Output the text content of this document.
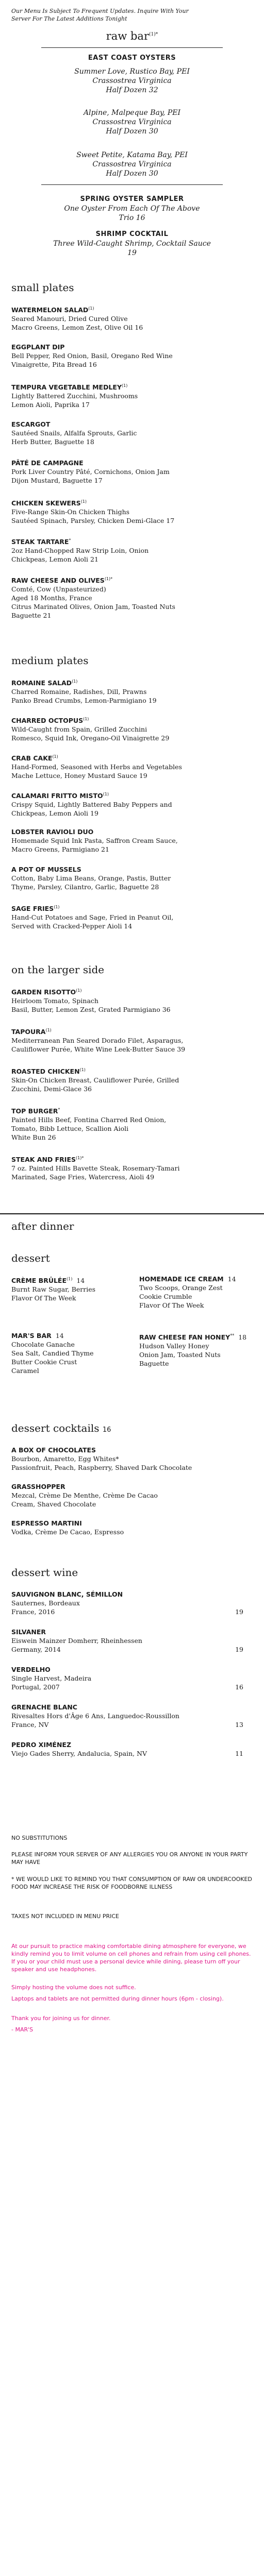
Our Menu Is Subject To Frequent Updates. Inquire With Your Server For The Latest Additions Tonight
raw bar$^{(1)*}$
EAST COAST OYSTERS
Summer Love, Rustico Bay, PEI
Crassostrea Virginica
Half Dozen 32
Alpine, Malpeque Bay, PEI
Crassostrea Virginica
Half Dozen 30
Sweet Petite, Katama Bay, PEI
Crassostrea Virginica
Half Dozen 30
SPRING OYSTER SAMPLER
One Oyster From Each Of The Above
Trio 16
SHRIMP COCKTAIL
Three Wild-Caught Shrimp, Cocktail Sauce
19
small plates
WATERMELON SALAD$^{(1)}$
Seared Manouri, Dried Cured Olive
Macro Greens, Lemon Zest, Olive Oil 16
EGGPLANT DIP
Bell Pepper, Red Onion, Basil, Oregano Red Wine
Vinaigrette, Pita Bread 16
TEMPURA VEGETABLE MEDLEY$^{(1)}$
Lightly Battered Zucchini, Mushrooms
Lemon Aioli, Paprika 17
ESCARGOT
Sautéed Snails, Alfalfa Sprouts, Garlic
Herb Butter, Baguette 18
PÂTÉ DE CAMPAGNE
Pork Liver Country Pâté, Cornichons, Onion Jam
Dijon Mustard, Baguette 17
CHICKEN SKEWERS$^{(1)}$
Five-Range Skin-On Chicken Thighs
Sautéed Spinach, Parsley, Chicken Demi-Glace 17
STEAK TARTARE*
2oz Hand-Chopped Raw Strip Loin, Onion
Chickpeas, Lemon Aioli 21
RAW CHEESE AND $OLIVES^{(1)*}$
Comté, Cow (Unpasteurized)
Aged 18 Months, France
Citrus Marinated Olives, Onion Jam, Toasted Nuts
Baguette 21
medium plates
ROMAINE SALAD$^{(1)}$
Charred Romaine, Radishes, Dill, Prawns
Panko Bread Crumbs, Lemon-Parmigiano 19
CHARRED OCTOPUS$^{(1)}$
Wild-Caught from Spain, Grilled Zucchini
Romesco, Squid Ink, Oregano-Oil Vinaigrette 29
CRAB CAKE$^{(1)}$
Hand-Formed, Seasoned with Herbs and Vegetables
Mache Lettuce, Honey Mustard Sauce 19
CALAMARI FRITTO MISTO$^{(1)}$
Crispy Squid, Lightly Battered Baby Peppers and
Chickpeas, Lemon Aioli 19
LOBSTER RAVIOLI DUO
Homemade Squid Ink Pasta, Saffron Cream Sauce,
Macro Greens, Parmigiano 21
A POT OF MUSSELS
Cotton, Baby Lima Beans, Orange, Pastis, Butter
Thyme, Parsley, Cilantro, Garlic, Baguette 28
SAGE FRIES$^{(1)}$
Hand-Cut Potatoes and Sage, Fried in Peanut Oil,
Served with Cracked-Pepper Aioli 14
on the larger side
GARDEN RISOTTO$^{(1)}$
Heirloom Tomato, Spinach
Basil, Butter, Lemon Zest, Grated Parmigiano 36
TAPOURA$^{(1)}$
Mediterranean Pan Seared Dorado Filet, Asparagus,
Cauliflower Purée, White Wine Leek-Butter Sauce 39
ROASTED CHICKEN$^{(1)}$
Skin-On Chicken Breast, Cauliflower Purée, Grilled
Zucchini, Demi-Glace 36
TOP BURGER*
Painted Hills Beef, Fontina Charred Red Onion,
Tomato, Bibb Lettuce, Scallion Aioli
White Bun 26
STEAK AND $FRIES^{(1)*}$
7 oz. Painted Hills Bavette Steak, Rosemary-Tamari
Marinated, Sage Fries, Watercress, Aioli 49
after dinner
dessert
CRÈME BRÛLÉE$^{(1)}$ 14
Burnt Raw Sugar, Berries
Flavor Of The Week
HOMEMADE ICE CREAM 14
Two Scoops, Orange Zest
Cookie Crumble
Flavor Of The Week
MAR'S BAR 14
Chocolate Ganache
Sea Salt, Candied Thyme
Butter Cookie Crust
Caramel
RAW CHEESE FAN HONEY** 18
Hudson Valley Honey
Onion Jam, Toasted Nuts
Baguette
dessert cocktails 16
A BOX OF CHOCOLATES
Bourbon, Amaretto, Egg Whites*
Passionfruit, Peach, Raspberry, Shaved Dark Chocolate
GRASSHOPPER
Mezcal, Crème De Menthe, Crème De Cacao
Cream, Shaved Chocolate
ESPRESSO MARTINI
Vodka, Crème De Cacao, Espresso
dessert wine
SAUVIGNON BLANC, SÉMILLON
19
Sauternes, Bordeaux
France, 2016
SILVANER
19
Eiswein Mainzer Domherr, Rheinhessen
Germany, 2014
VERDELHO
16
Single Harvest, Madeira
Portugal, 2007
GRENACHE BLANC
13
Rivesaltes Hors d'Âge 6 Ans, Languedoc-Roussillon
France, NV
PEDRO XIMÉNEZ
11
Viejo Gades Sherry, Andalucia, Spain, NV
NO SUBSTITUTIONS
PLEASE INFORM YOUR SERVER OF ANY ALLERGIES YOU OR ANYONE IN YOUR PARTY MAY HAVE
* WE WOULD LIKE TO REMIND YOU THAT CONSUMPTION OF RAW OR UNDERCOOKED FOOD MAY INCREASE THE RISK OF FOODBORNE ILLNESS
TAXES NOT INCLUDED IN MENU PRICE
At our pursuit to practice making comfortable dining atmosphere for everyone, we kindly remind you to limit volume on cell phones and refrain from using cell phones. If you or your child must use a personal device while dining, please turn off your speaker and use headphones.
Simply hosting the volume does not suffice.
Laptops and tablets are not permitted during dinner hours (6pm - closing).
Thank you for joining us for dinner.
- MAR'S
